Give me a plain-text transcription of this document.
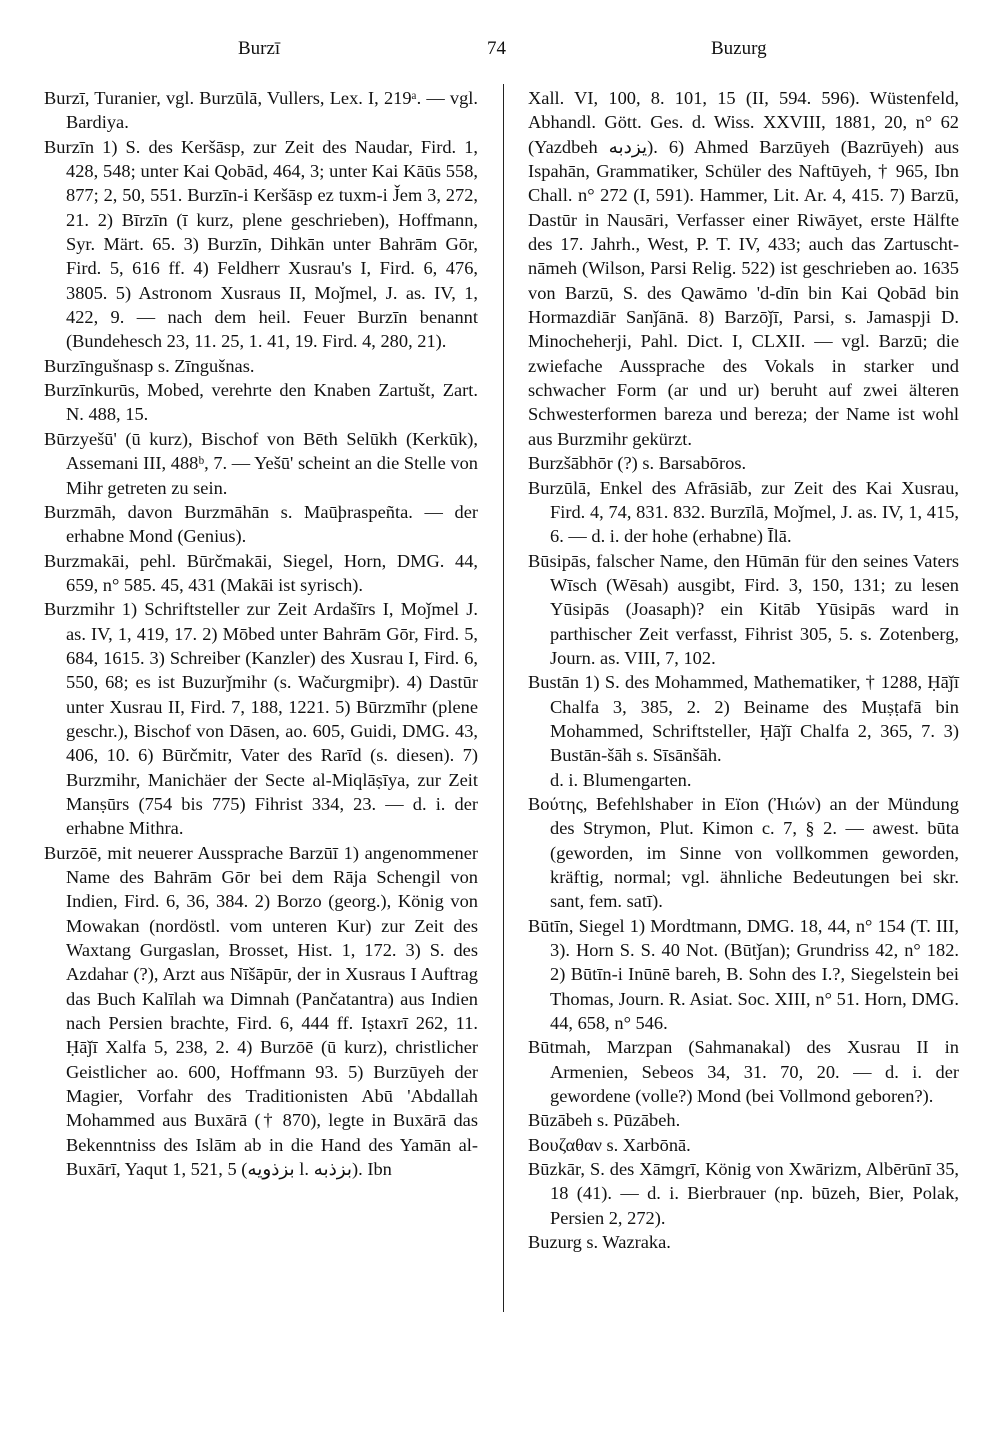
Burzī	74	Buzurg

Burzī, Turanier, vgl. Burzūlā, Vullers, Lex. I, 219ᵃ. — vgl. Bardiya.

Burzīn 1) S. des Keršāsp, zur Zeit des Naudar, Fird. 1, 428, 548; unter Kai Qobād, 464, 3; unter Kai Kāūs 558, 877; 2, 50, 551. Burzīn-i Keršāsp ez tuxm-i J̌em 3, 272, 21. 2) Bīrzīn (ī kurz, plene geschrieben), Hoffmann, Syr. Märt. 65. 3) Burzīn, Dihkān unter Bahrām Gōr, Fird. 5, 616 ff. 4) Feldherr Xusrau's I, Fird. 6, 476, 3805. 5) Astronom Xusraus II, Moǰmel, J. as. IV, 1, 422, 9. — nach dem heil. Feuer Burzīn benannt (Bundehesch 23, 11. 25, 1. 41, 19. Fird. 4, 280, 21).

Burzīngušnasp s. Zīngušnas.

Burzīnkurūs, Mobed, verehrte den Knaben Zartušt, Zart. N. 488, 15.

Būrzyešū' (ū kurz), Bischof von Bēth Selūkh (Kerkūk), Assemani III, 488ᵇ, 7. — Yešū' scheint an die Stelle von Mihr getreten zu sein.

Burzmāh, davon Burzmāhān s. Maūþraspeñta. — der erhabne Mond (Genius).

Burzmakāi, pehl. Būrčmakāi, Siegel, Horn, DMG. 44, 659, n° 585. 45, 431 (Makāi ist syrisch).

Burzmihr 1) Schriftsteller zur Zeit Ardašīrs I, Moǰmel J. as. IV, 1, 419, 17. 2) Mōbed unter Bahrām Gōr, Fird. 5, 684, 1615. 3) Schreiber (Kanzler) des Xusrau I, Fird. 6, 550, 68; es ist Buzurǰmihr (s. Wačurgmiþr). 4) Dastūr unter Xusrau II, Fird. 7, 188, 1221. 5) Būrzmīhr (plene geschr.), Bischof von Dāsen, ao. 605, Guidi, DMG. 43, 406, 10. 6) Būrčmitr, Vater des Rarīd (s. diesen). 7) Burzmihr, Manichäer der Secte al-Miqlāṣīya, zur Zeit Manṣūrs (754 bis 775) Fihrist 334, 23. — d. i. der erhabne Mithra.

Burzōē, mit neuerer Aussprache Barzūī 1) angenommener Name des Bahrām Gōr bei dem Rāja Schengil von Indien, Fird. 6, 36, 384. 2) Borzo (georg.), König von Mowakan (nordöstl. vom unteren Kur) zur Zeit des Waxtang Gurgaslan, Brosset, Hist. 1, 172. 3) S. des Azdahar (?), Arzt aus Nīšāpūr, der in Xusraus I Auftrag das Buch Kalīlah wa Dimnah (Pančatantra) aus Indien nach Persien brachte, Fird. 6, 444 ff. Iṣtaxrī 262, 11. Ḥāǰī Xalfa 5, 238, 2. 4) Burzōē (ū kurz), christlicher Geistlicher ao. 600, Hoffmann 93. 5) Burzūyeh der Magier, Vorfahr des Traditionisten Abū 'Abdallah Mohammed aus Buxārā († 870), legte in Buxārā das Bekenntniss des Islām ab in die Hand des Yamān al-Buxārī, Yaqut 1, 521, 5 (بزذویه l. بزذبه). Ibn

Xall. VI, 100, 8. 101, 15 (II, 594. 596). Wüstenfeld, Abhandl. Gött. Ges. d. Wiss. XXVIII, 1881, 20, n° 62 (Yazdbeh یزدبه). 6) Ahmed Barzūyeh (Bazrūyeh) aus Ispahān, Grammatiker, Schüler des Naftūyeh, † 965, Ibn Chall. n° 272 (I, 591). Hammer, Lit. Ar. 4, 415. 7) Barzū, Dastūr in Nausāri, Verfasser einer Riwāyet, erste Hälfte des 17. Jahrh., West, P. T. IV, 433; auch das Zartuscht-nāmeh (Wilson, Parsi Relig. 522) ist geschrieben ao. 1635 von Barzū, S. des Qawāmo 'd-dīn bin Kai Qobād bin Hormazdiār Sanǰānā. 8) Barzōǰī, Parsi, s. Jamaspji D. Minocheherji, Pahl. Dict. I, CLXII. — vgl. Barzū; die zwiefache Aussprache des Vokals in starker und schwacher Form (ar und ur) beruht auf zwei älteren Schwesterformen bareza und bereza; der Name ist wohl aus Burzmihr gekürzt.

Burzšābhōr (?) s. Barsabōros.

Burzūlā, Enkel des Afrāsiāb, zur Zeit des Kai Xusrau, Fird. 4, 74, 831. 832. Burzīlā, Moǰmel, J. as. IV, 1, 415, 6. — d. i. der hohe (erhabne) Īlā.

Būsipās, falscher Name, den Hūmān für den seines Vaters Wīsch (Wēsah) ausgibt, Fird. 3, 150, 131; zu lesen Yūsipās (Joasaph)? ein Kitāb Yūsipās ward in parthischer Zeit verfasst, Fihrist 305, 5. s. Zotenberg, Journ. as. VIII, 7, 102.

Bustān 1) S. des Mohammed, Mathematiker, † 1288, Ḥāǰī Chalfa 3, 385, 2. 2) Beiname des Muṣṭafā bin Mohammed, Schriftsteller, Ḥāǰī Chalfa 2, 365, 7. 3) Bustān-šāh s. Sīsānšāh.

d. i. Blumengarten.

Βούτης, Befehlshaber in Eïon (Ἠιών) an der Mündung des Strymon, Plut. Kimon c. 7, § 2. — awest. būta (geworden, im Sinne von vollkommen geworden, kräftig, normal; vgl. ähnliche Bedeutungen bei skr. sant, fem. satī).

Būtīn, Siegel 1) Mordtmann, DMG. 18, 44, n° 154 (T. III, 3). Horn S. S. 40 Not. (Būtǰan); Grundriss 42, n° 182. 2) Būtīn-i Inūnē bareh, B. Sohn des I.?, Siegelstein bei Thomas, Journ. R. Asiat. Soc. XIII, n° 51. Horn, DMG. 44, 658, n° 546.

Būtmah, Marzpan (Sahmanakal) des Xusrau II in Armenien, Sebeos 34, 31. 70, 20. — d. i. der gewordene (volle?) Mond (bei Vollmond geboren?).

Būzābeh s. Pūzābeh.

Βουζαθαν s. Xarbōnā.

Būzkār, S. des Xāmgrī, König von Xwārizm, Albērūnī 35, 18 (41). — d. i. Bierbrauer (np. būzeh, Bier, Polak, Persien 2, 272).

Buzurg s. Wazraka.
